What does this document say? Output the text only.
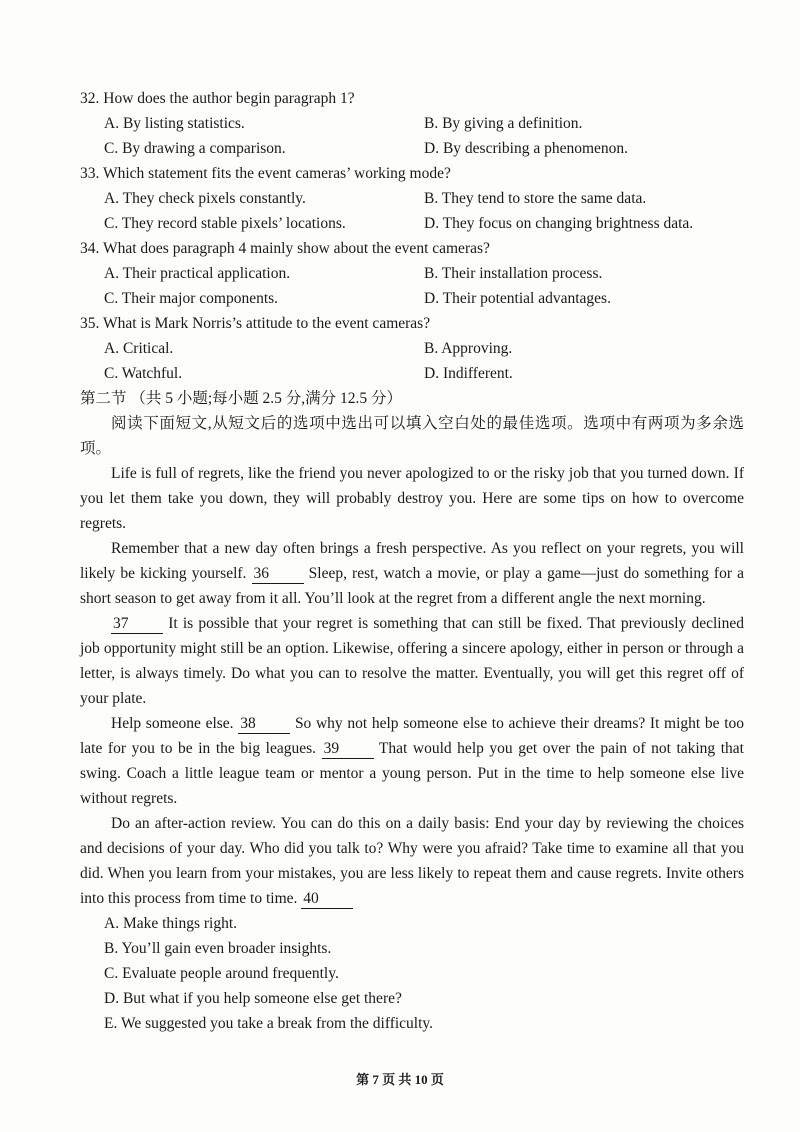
32. How does the author begin paragraph 1?

A. By listing statistics.	B. By giving a definition.
C. By drawing a comparison.	D. By describing a phenomenon.

33. Which statement fits the event cameras’ working mode?

A. They check pixels constantly.	B. They tend to store the same data.
C. They record stable pixels’ locations.	D. They focus on changing brightness data.

34. What does paragraph 4 mainly show about the event cameras?

A. Their practical application.	B. Their installation process.
C. Their major components.	D. Their potential advantages.

35. What is Mark Norris’s attitude to the event cameras?

A. Critical.	B. Approving.
C. Watchful.	D. Indifferent.

第二节 （共 5 小题;每小题 2.5 分,满分 12.5 分）

阅读下面短文,从短文后的选项中选出可以填入空白处的最佳选项。选项中有两项为多余选项。

Life is full of regrets, like the friend you never apologized to or the risky job that you turned down. If you let them take you down, they will probably destroy you. Here are some tips on how to overcome regrets.

Remember that a new day often brings a fresh perspective. As you reflect on your regrets, you will likely be kicking yourself. 36	Sleep, rest, watch a movie, or play a game—just do something for a short season to get away from it all. You’ll look at the regret from a different angle the next morning.

37	It is possible that your regret is something that can still be fixed. That previously declined job opportunity might still be an option. Likewise, offering a sincere apology, either in person or through a letter, is always timely. Do what you can to resolve the matter. Eventually, you will get this regret off of your plate.

Help someone else. 38	So why not help someone else to achieve their dreams? It might be too late for you to be in the big leagues. 39	That would help you get over the pain of not taking that swing. Coach a little league team or mentor a young person. Put in the time to help someone else live without regrets.

Do an after-action review. You can do this on a daily basis: End your day by reviewing the choices and decisions of your day. Who did you talk to? Why were you afraid? Take time to examine all that you did. When you learn from your mistakes, you are less likely to repeat them and cause regrets. Invite others into this process from time to time. 40

A. Make things right.

B. You’ll gain even broader insights.

C. Evaluate people around frequently.

D. But what if you help someone else get there?

E. We suggested you take a break from the difficulty.

第 7 页 共 10 页
